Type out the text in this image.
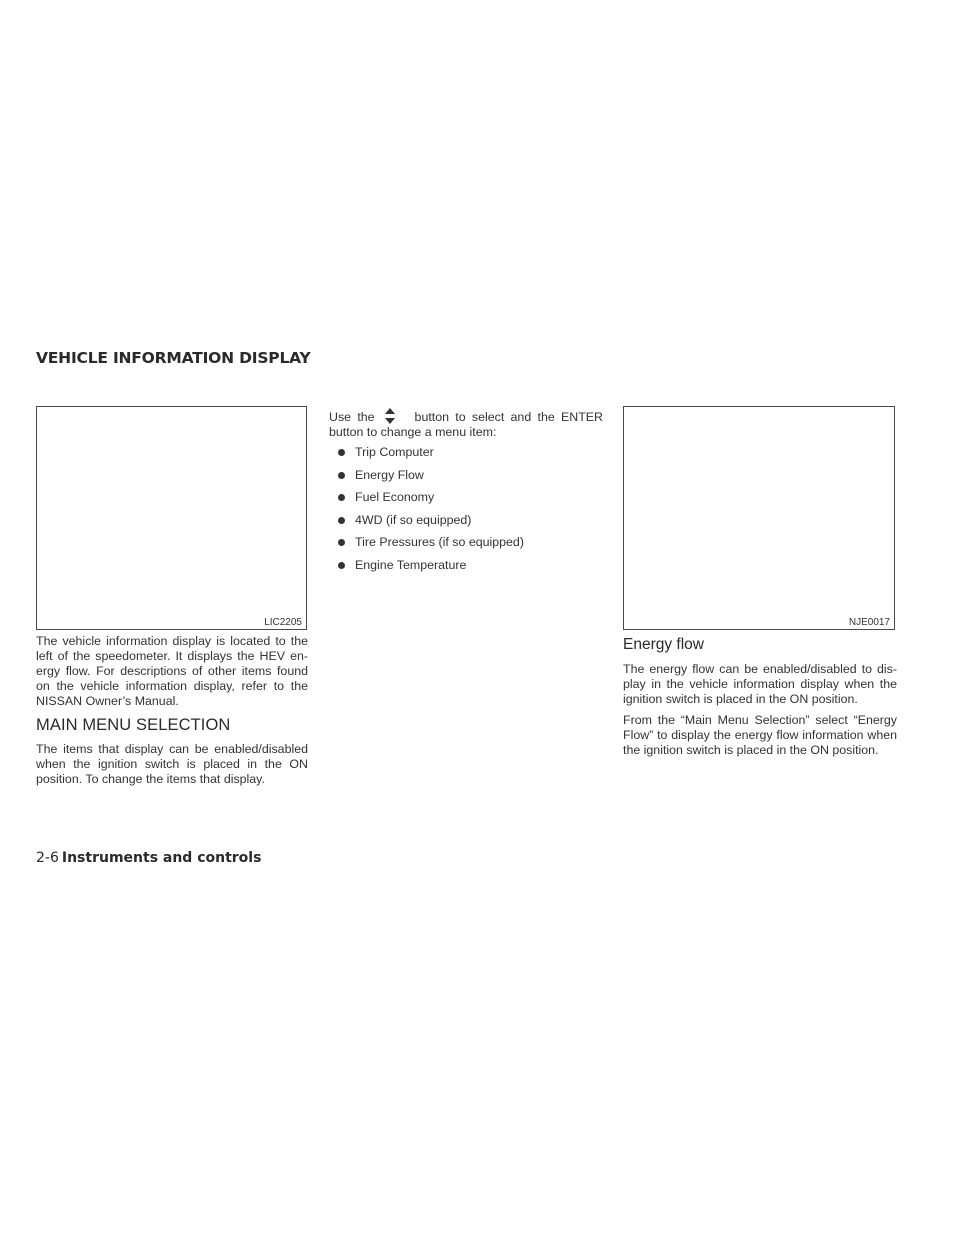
VEHICLE INFORMATION DISPLAY
LIC2205	NJE0017

The vehicle information display is located to the left of the speedometer. It displays the HEV en- ergy flow. For descriptions of other items found on the vehicle information display, refer to the NISSAN Owner’s Manual.

MAIN MENU SELECTION

The items that display can be enabled/disabled when the ignition switch is placed in the ON position. To change the items that display.

Use the	button to select and the ENTER button to change a menu item:

Trip Computer
Energy Flow
Fuel Economy
4WD (if so equipped)
Tire Pressures (if so equipped)
Engine Temperature
Energy flow

The energy flow can be enabled/disabled to dis- play in the vehicle information display when the ignition switch is placed in the ON position.

From the “Main Menu Selection” select “Energy Flow” to display the energy flow information when the ignition switch is placed in the ON position.

2-6 Instruments and controls
